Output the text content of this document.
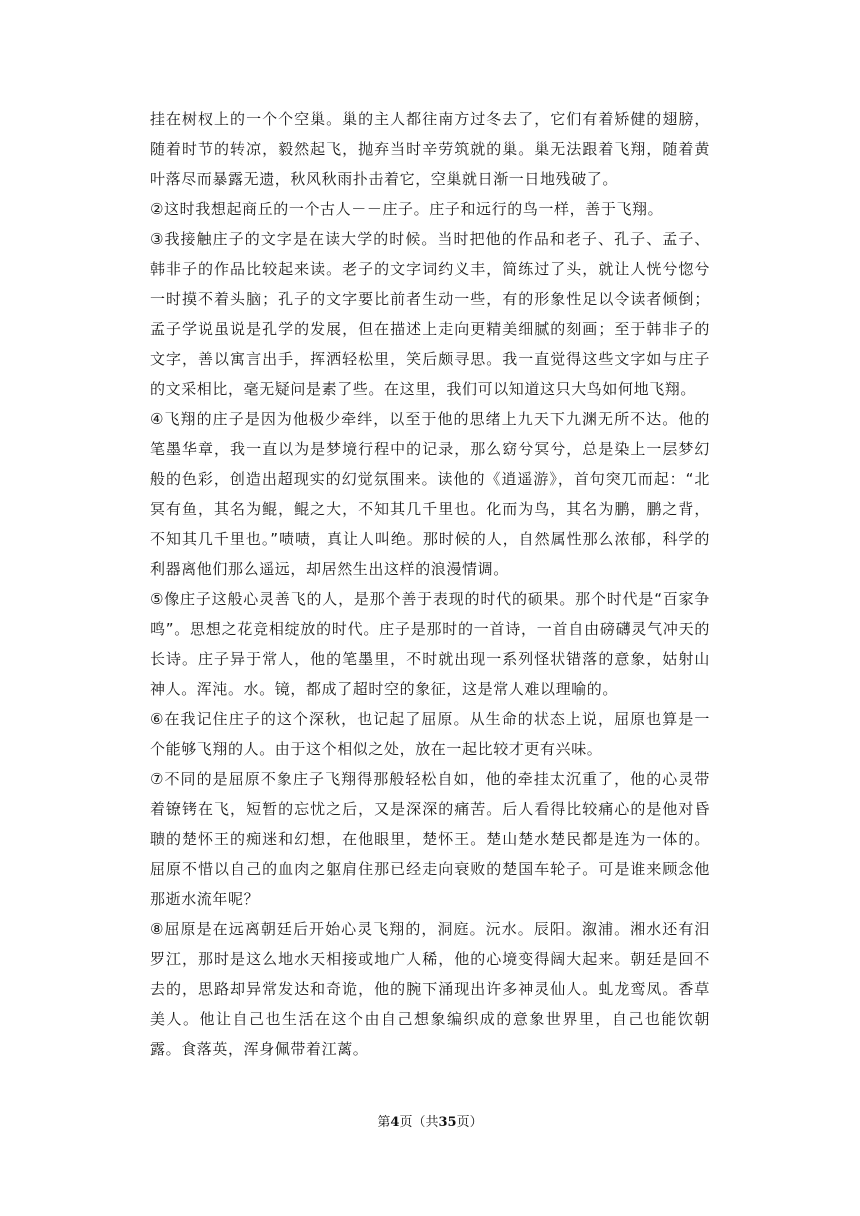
挂在树杈上的一个个空巢。巢的主人都往南方过冬去了，它们有着矫健的翅膀，随着时节的转凉，毅然起飞，抛弃当时辛劳筑就的巢。巢无法跟着飞翔，随着黄叶落尽而暴露无遗，秋风秋雨扑击着它，空巢就日渐一日地残破了。

②这时我想起商丘的一个古人－－庄子。庄子和远行的鸟一样，善于飞翔。

③我接触庄子的文字是在读大学的时候。当时把他的作品和老子、孔子、孟子、韩非子的作品比较起来读。老子的文字词约义丰，简练过了头，就让人恍兮惚兮一时摸不着头脑；孔子的文字要比前者生动一些，有的形象性足以令读者倾倒；孟子学说虽说是孔学的发展，但在描述上走向更精美细腻的刻画；至于韩非子的文字，善以寓言出手，挥洒轻松里，笑后颇寻思。我一直觉得这些文字如与庄子的文采相比，毫无疑问是素了些。在这里，我们可以知道这只大鸟如何地飞翔。

④飞翔的庄子是因为他极少牵绊，以至于他的思绪上九天下九渊无所不达。他的笔墨华章，我一直以为是梦境行程中的记录，那么窈兮冥兮，总是染上一层梦幻般的色彩，创造出超现实的幻觉氛围来。读他的《逍遥游》，首句突兀而起：“北冥有鱼，其名为鲲，鲲之大，不知其几千里也。化而为鸟，其名为鹏，鹏之背，不知其几千里也。”啧啧，真让人叫绝。那时候的人，自然属性那么浓郁，科学的利器离他们那么遥远，却居然生出这样的浪漫情调。

⑤像庄子这般心灵善飞的人，是那个善于表现的时代的硕果。那个时代是“百家争鸣”。思想之花竞相绽放的时代。庄子是那时的一首诗，一首自由磅礴灵气冲天的长诗。庄子异于常人，他的笔墨里，不时就出现一系列怪状错落的意象，姑射山神人。浑沌。水。镜，都成了超时空的象征，这是常人难以理喻的。

⑥在我记住庄子的这个深秋，也记起了屈原。从生命的状态上说，屈原也算是一个能够飞翔的人。由于这个相似之处，放在一起比较才更有兴味。

⑦不同的是屈原不象庄子飞翔得那般轻松自如，他的牵挂太沉重了，他的心灵带着镣铐在飞，短暂的忘忧之后，又是深深的痛苦。后人看得比较痛心的是他对昏聩的楚怀王的痴迷和幻想，在他眼里，楚怀王。楚山楚水楚民都是连为一体的。屈原不惜以自己的血肉之躯肩住那已经走向衰败的楚国车轮子。可是谁来顾念他那逝水流年呢？

⑧屈原是在远离朝廷后开始心灵飞翔的，洞庭。沅水。辰阳。溆浦。湘水还有汨罗江，那时是这么地水天相接或地广人稀，他的心境变得阔大起来。朝廷是回不去的，思路却异常发达和奇诡，他的腕下涌现出许多神灵仙人。虬龙鸾凤。香草美人。他让自己也生活在这个由自己想象编织成的意象世界里，自己也能饮朝露。食落英，浑身佩带着江蓠。

第4页（共35页）
